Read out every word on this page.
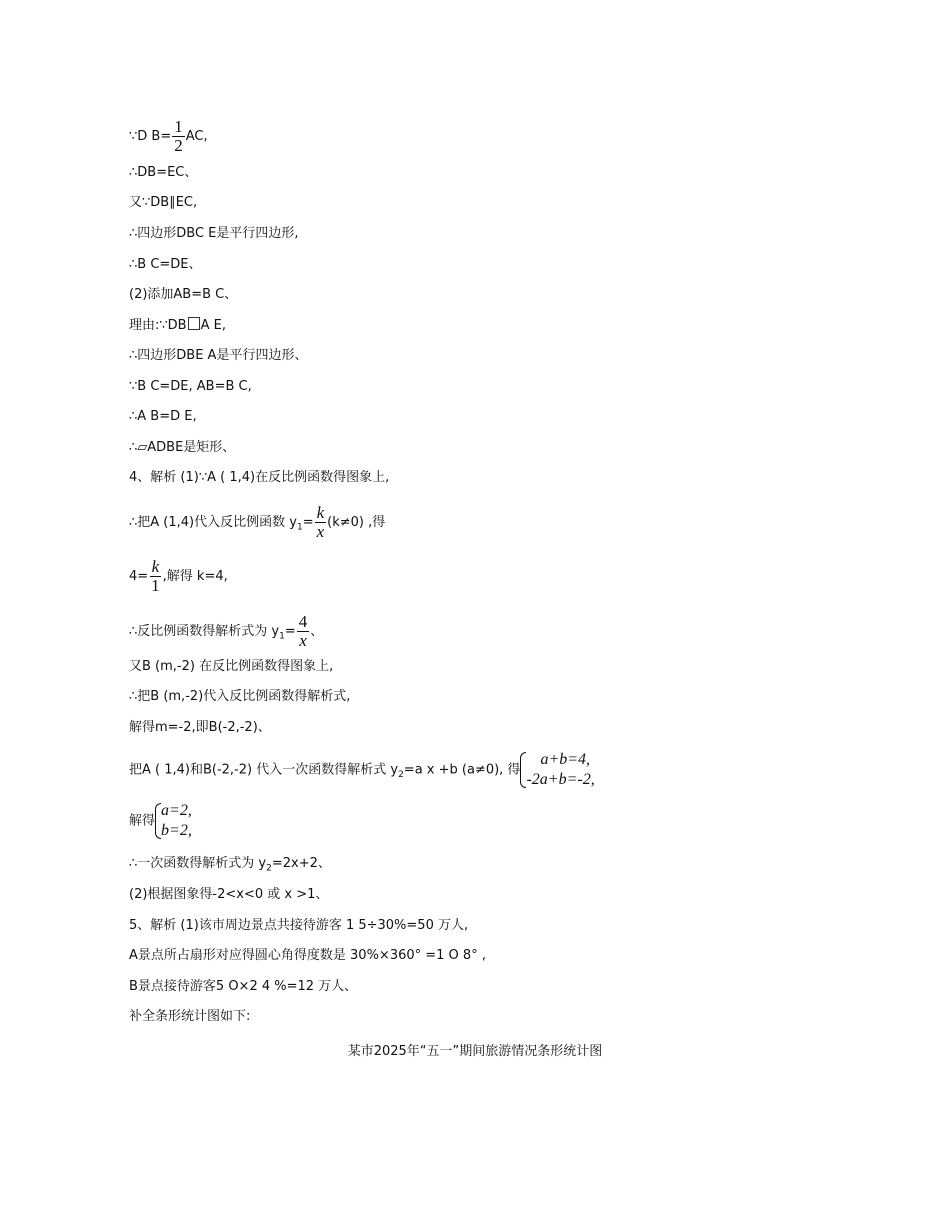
∵D $B= \frac{1}{2}$ AC,
∴DB=EC、
又∵DB∥EC,
∴四边形DBC E是平行四边形,
∴B C=DE、
(2)添加AB=B C、
理由:∵DB A E,
∴四边形DBE A是平行四边形、
∵B C=DE, AB=B C,
∴A B=D E,
∴▱ADBE是矩形、
4、解析 (1)∵A ( 1,4)在反比例函数得图象上,
∴把A (1,4)代入反比例函数 $y_1= \frac{k}{x} (k\ne 0)$ ,得
$4= \frac{k}{1}$ ,解得 k=4,
∴反比例函数得解析式为 $y_1= \frac{4}{x}$ 、
又B (m,-2) 在反比例函数得图象上,
∴把B (m,-2)代入反比例函数得解析式,
解得m=-2,即B(-2,-2)、
把A ( 1,4)和B(-2,-2) 代入一次函数得解析式 $y_2=a$ x +b (a≠0), 得
a+b=4,
-2a+b=-2,
解得
a=2,
b=2,
∴一次函数得解析式为 $y_2=2x+2$、
(2)根据图象得-2<x<0 或 x >1、
5、解析 (1)该市周边景点共接待游客 1 5÷30%=50 万人,
A景点所占扇形对应得圆心角得度数是 30%×360° =1 O 8° ,
B景点接待游客5 O×2 4 %=12 万人、
补全条形统计图如下:
某市2025年“五一”期间旅游情况条形统计图
